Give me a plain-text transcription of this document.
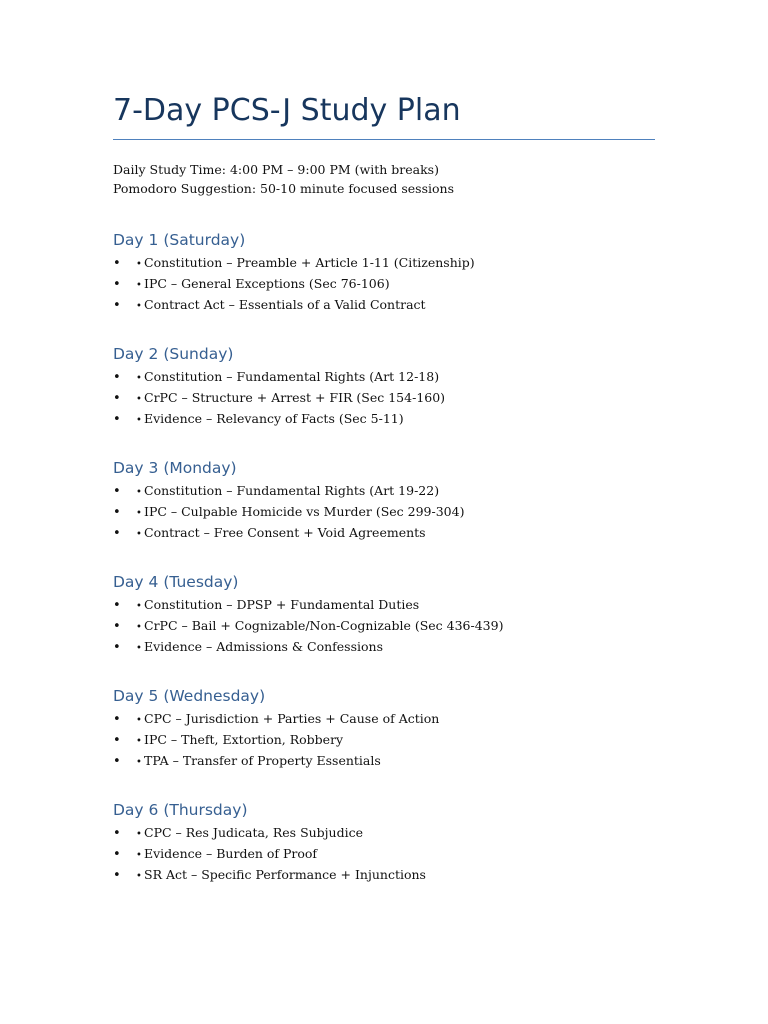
7-Day PCS-J Study Plan

Daily Study Time: 4:00 PM – 9:00 PM (with breaks)

Pomodoro Suggestion: 50-10 minute focused sessions

Day 1 (Saturday)
• • Constitution – Preamble + Article 1-11 (Citizenship)
• • IPC – General Exceptions (Sec 76-106)
• • Contract Act – Essentials of a Valid Contract
Day 2 (Sunday)
• • Constitution – Fundamental Rights (Art 12-18)
• • CrPC – Structure + Arrest + FIR (Sec 154-160)
• • Evidence – Relevancy of Facts (Sec 5-11)
Day 3 (Monday)
• • Constitution – Fundamental Rights (Art 19-22)
• • IPC – Culpable Homicide vs Murder (Sec 299-304)
• • Contract – Free Consent + Void Agreements
Day 4 (Tuesday)
• • Constitution – DPSP + Fundamental Duties
• • CrPC – Bail + Cognizable/Non-Cognizable (Sec 436-439)
• • Evidence – Admissions & Confessions
Day 5 (Wednesday)
• • CPC – Jurisdiction + Parties + Cause of Action
• • IPC – Theft, Extortion, Robbery
• • TPA – Transfer of Property Essentials
Day 6 (Thursday)
• • CPC – Res Judicata, Res Subjudice
• • Evidence – Burden of Proof
• • SR Act – Specific Performance + Injunctions
